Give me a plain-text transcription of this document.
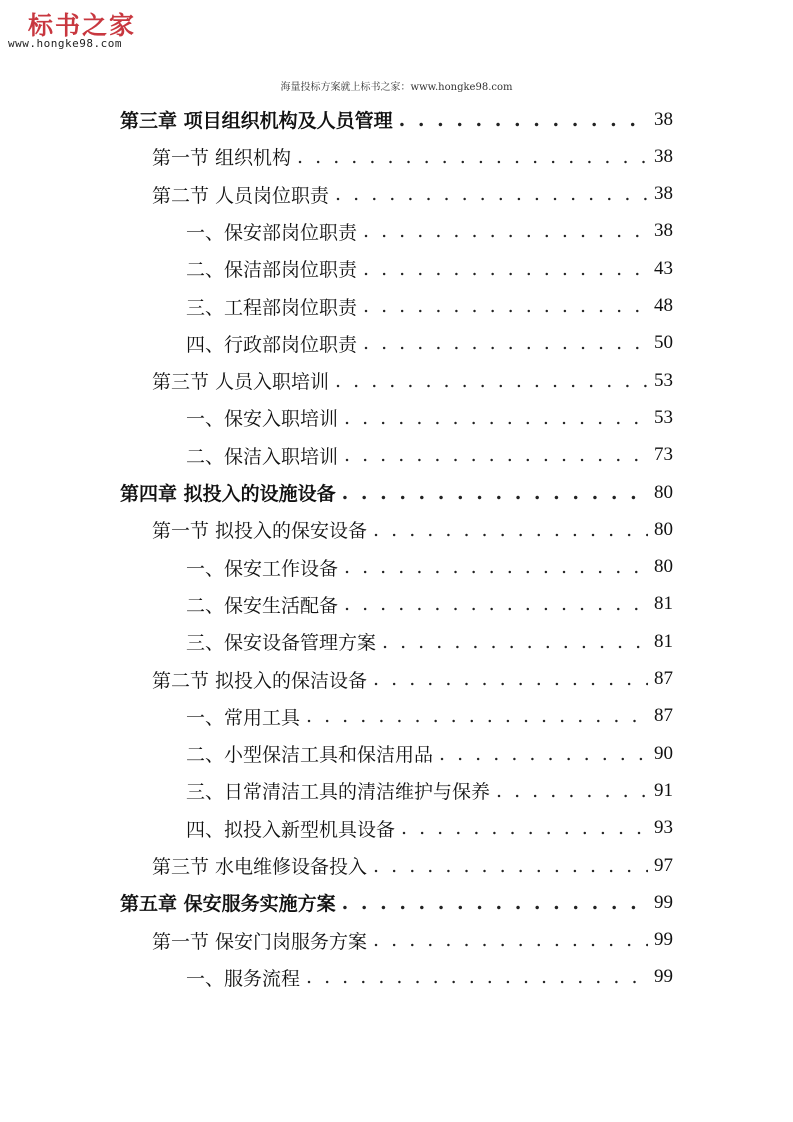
标书之家
www.hongke98.com
海量投标方案就上标书之家：www.hongke98.com
第三章 项目组织机构及人员管理 . . .	38
第一节 组织机构 . . .	38
第二节 人员岗位职责 . . .	38
一、保安部岗位职责 . . .	38
二、保洁部岗位职责 . . .	43
三、工程部岗位职责 . . .	48
四、行政部岗位职责 . . .	50
第三节 人员入职培训 . . .	53
一、保安入职培训 . . .	53
二、保洁入职培训 . . .	73
第四章 拟投入的设施设备 . . .	80
第一节 拟投入的保安设备 . . .	80
一、保安工作设备 . . .	80
二、保安生活配备 . . .	81
三、保安设备管理方案 . . .	81
第二节 拟投入的保洁设备 . . .	87
一、常用工具 . . .	87
二、小型保洁工具和保洁用品 . . .	90
三、日常清洁工具的清洁维护与保养 . . .	91
四、拟投入新型机具设备 . . .	93
第三节 水电维修设备投入 . . .	97
第五章 保安服务实施方案 . . .	99
第一节 保安门岗服务方案 . . .	99
一、服务流程 . . .	99
